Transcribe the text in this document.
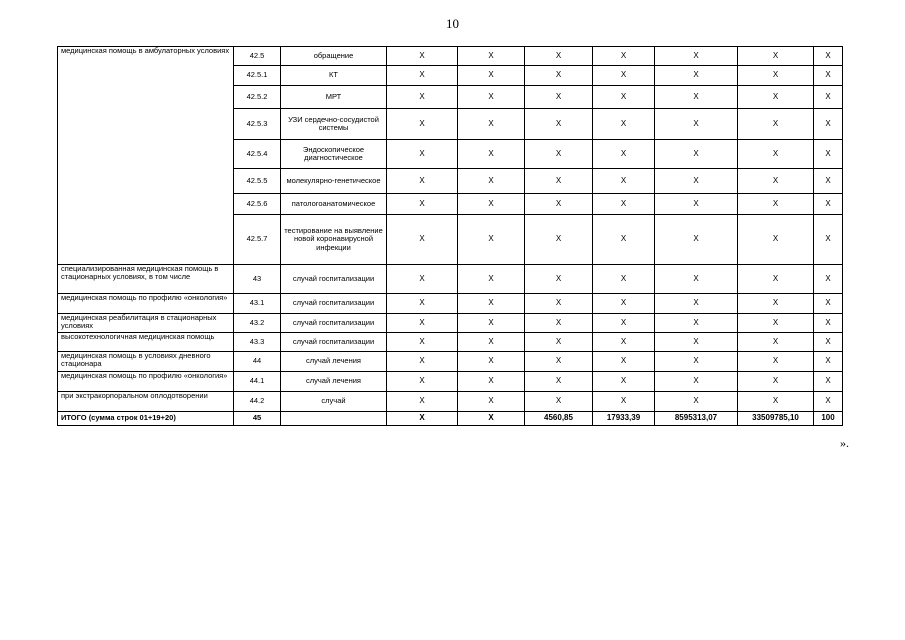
10
медицинская помощь в амбулаторных условиях	42.5	обращение	X	X	X	X	X	X	X
	42.5.1	КТ	X	X	X	X	X	X	X
	42.5.2	МРТ	X	X	X	X	X	X	X
	42.5.3	УЗИ сердечно-сосудистой системы	X	X	X	X	X	X	X
	42.5.4	Эндоскопическое диагностическое	X	X	X	X	X	X	X
	42.5.5	молекулярно-генетическое	X	X	X	X	X	X	X
	42.5.6	патологоанатомическое	X	X	X	X	X	X	X
	42.5.7	тестирование на выявление новой коронавирусной инфекции	X	X	X	X	X	X	X
специализированная медицинская помощь в стационарных условиях, в том числе	43	случай госпитализации	X	X	X	X	X	X	X
медицинская помощь по профилю «онкология»	43.1	случай госпитализации	X	X	X	X	X	X	X
медицинская реабилитация в стационарных условиях	43.2	случай госпитализации	X	X	X	X	X	X	X
высокотехнологичная медицинская помощь	43.3	случай госпитализации	X	X	X	X	X	X	X
медицинская помощь в условиях дневного стационара	44	случай лечения	X	X	X	X	X	X	X
медицинская помощь по профилю «онкология»	44.1	случай лечения	X	X	X	X	X	X	X
при экстракорпоральном оплодотворении	44.2	случай	X	X	X	X	X	X	X
ИТОГО (сумма строк 01+19+20)	45		X	X	4560,85	17933,39	8595313,07	33509785,10	100
».
